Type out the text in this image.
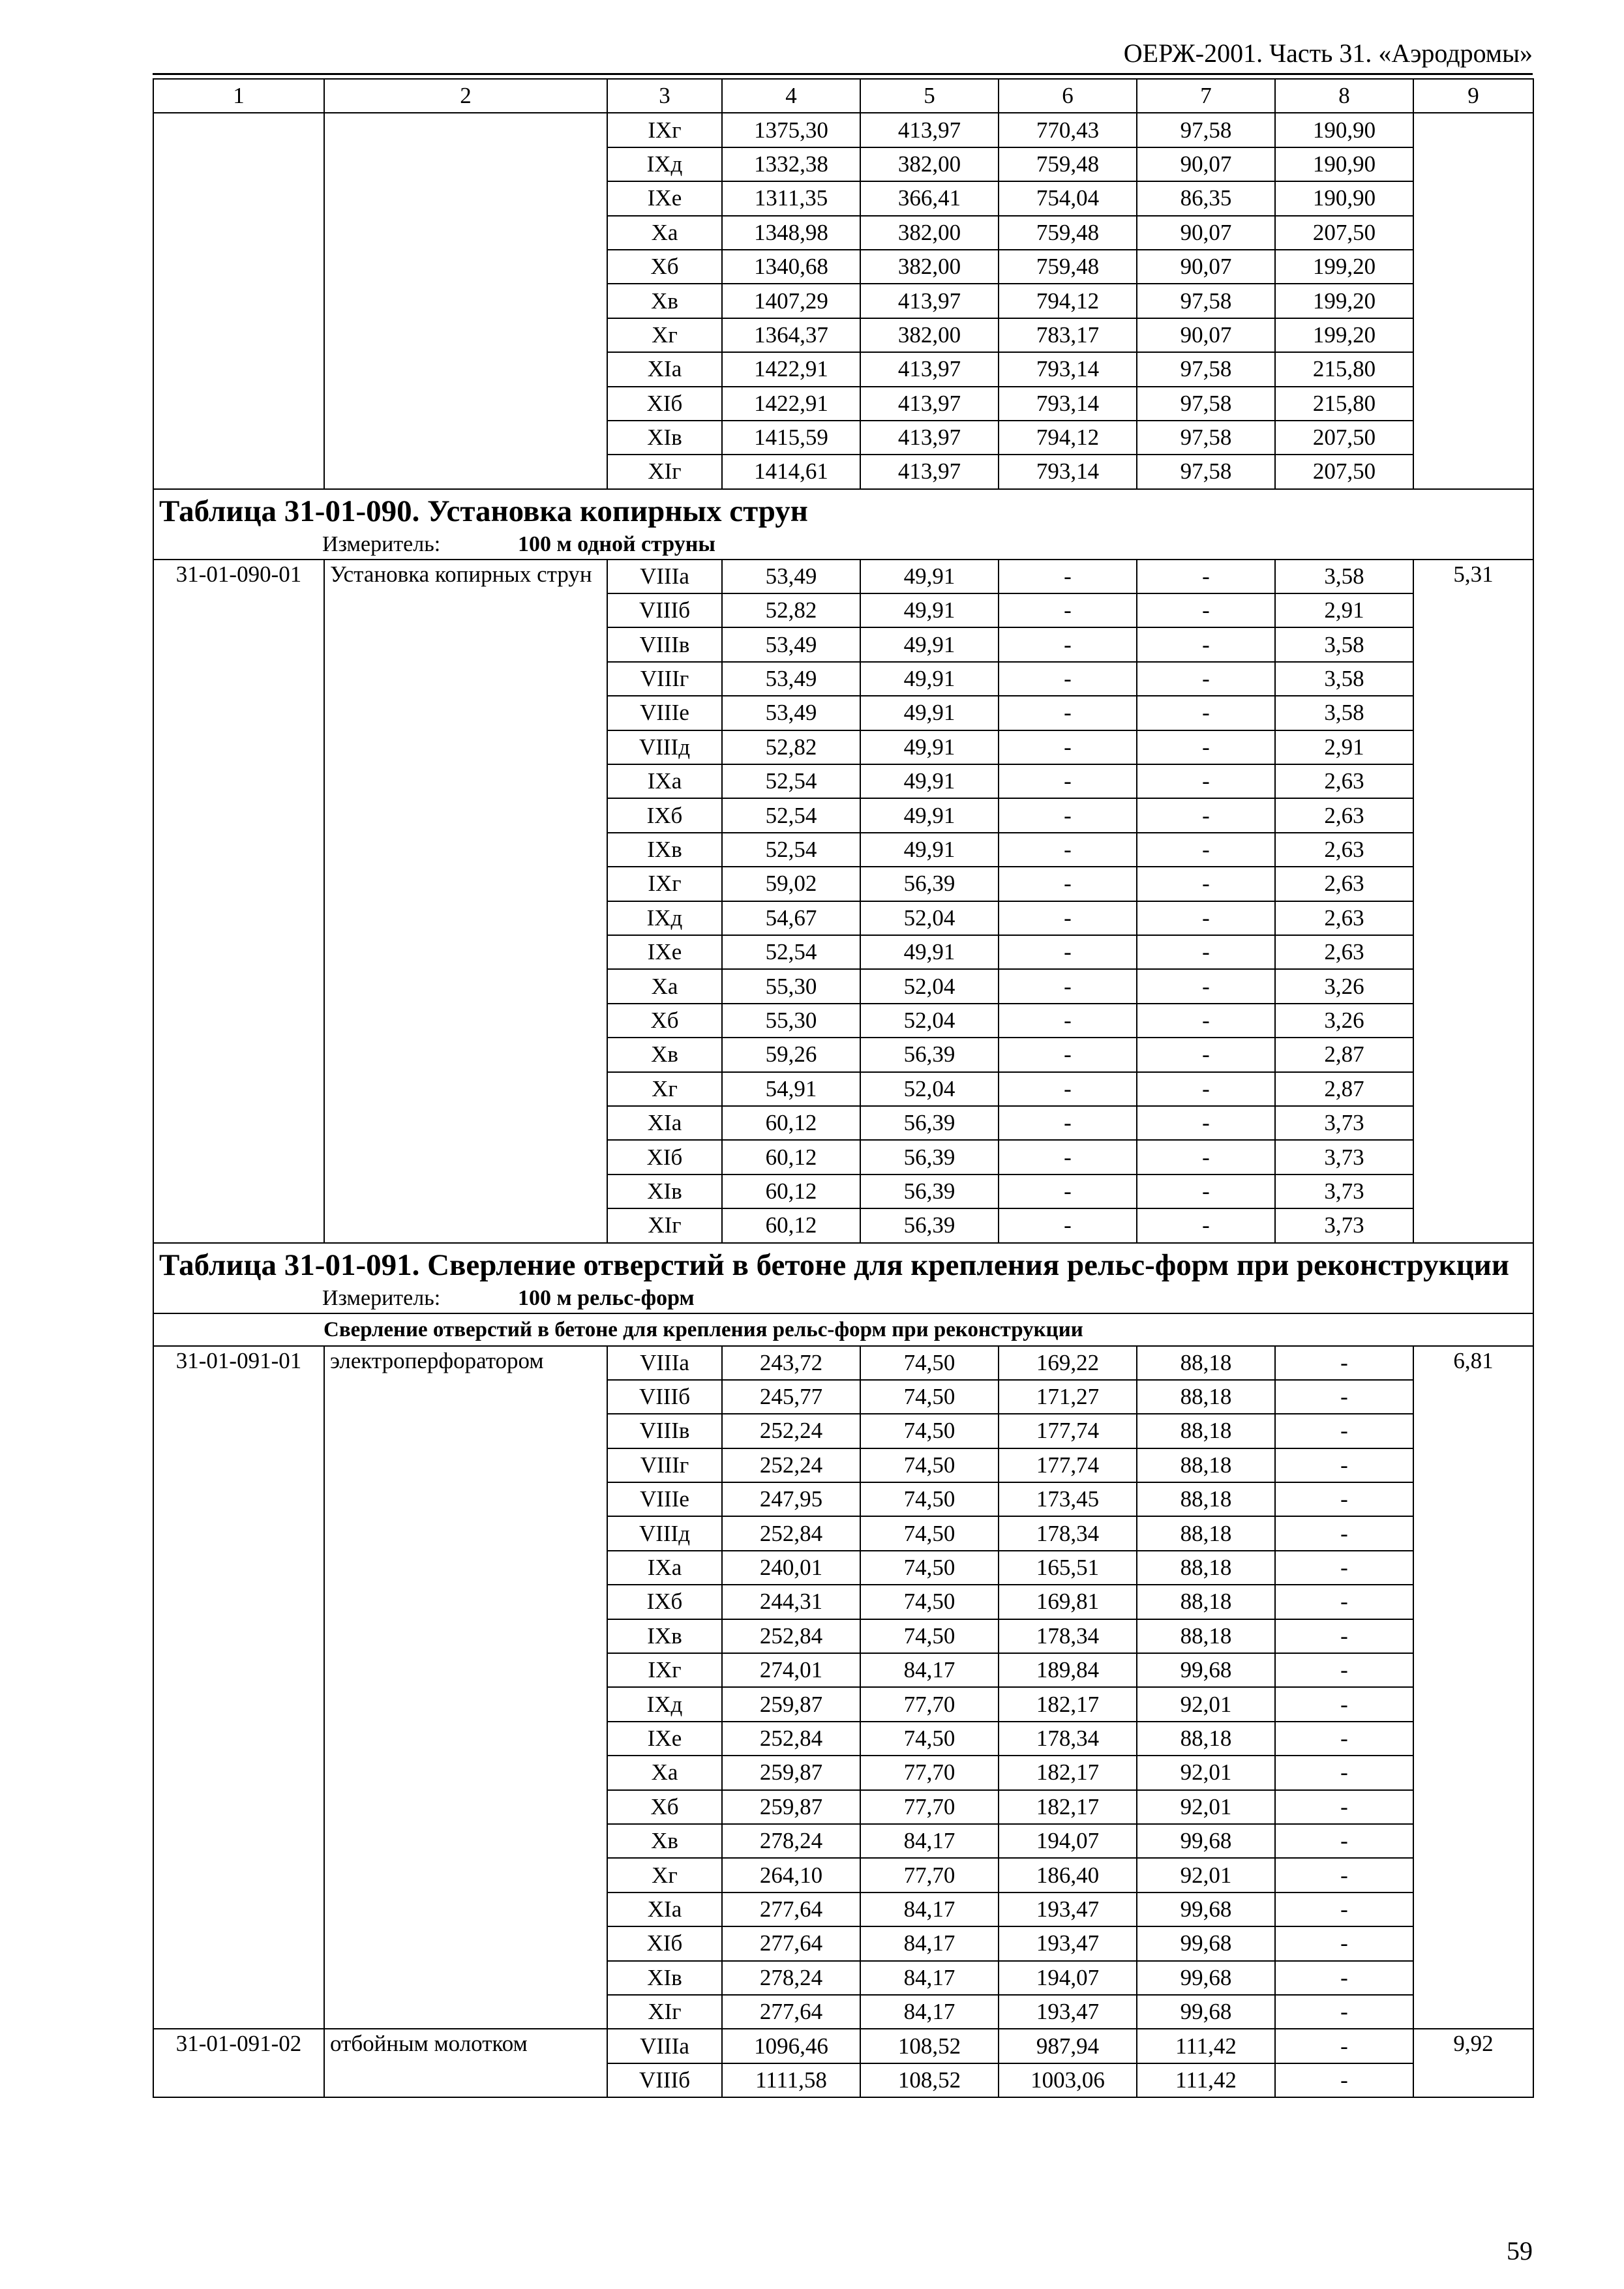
ОЕРЖ-2001. Часть 31. «Аэродромы»
1	2	3	4	5	6	7	8	9
		IXг	1375,30	413,97	770,43	97,58	190,90	
		IXд	1332,38	382,00	759,48	90,07	190,90	
		IXе	1311,35	366,41	754,04	86,35	190,90	
		Xа	1348,98	382,00	759,48	90,07	207,50	
		Xб	1340,68	382,00	759,48	90,07	199,20	
		Xв	1407,29	413,97	794,12	97,58	199,20	
		Xг	1364,37	382,00	783,17	90,07	199,20	
		XIа	1422,91	413,97	793,14	97,58	215,80	
		XIб	1422,91	413,97	793,14	97,58	215,80	
		XIв	1415,59	413,97	794,12	97,58	207,50	
		XIг	1414,61	413,97	793,14	97,58	207,50	

Таблица 31-01-090. Установка копирных струн
Измеритель: 100 м одной струны								

31-01-090-01	Установка копирных струн	VIIIа	53,49	49,91	-	-	3,58	5,31
		VIIIб	52,82	49,91	-	-	2,91	
		VIIIв	53,49	49,91	-	-	3,58	
		VIIIг	53,49	49,91	-	-	3,58	
		VIIIе	53,49	49,91	-	-	3,58	
		VIIIд	52,82	49,91	-	-	2,91	
		IXа	52,54	49,91	-	-	2,63	
		IXб	52,54	49,91	-	-	2,63	
		IXв	52,54	49,91	-	-	2,63	
		IXг	59,02	56,39	-	-	2,63	
		IXд	54,67	52,04	-	-	2,63	
		IXе	52,54	49,91	-	-	2,63	
		Xа	55,30	52,04	-	-	3,26	
		Xб	55,30	52,04	-	-	3,26	
		Xв	59,26	56,39	-	-	2,87	
		Xг	54,91	52,04	-	-	2,87	
		XIа	60,12	56,39	-	-	3,73	
		XIб	60,12	56,39	-	-	3,73	
		XIв	60,12	56,39	-	-	3,73	
		XIг	60,12	56,39	-	-	3,73	

Таблица 31-01-091. Сверление отверстий в бетоне для крепления рельс-форм при реконструкции
Измеритель: 100 м рельс-форм								

Сверление отверстий в бетоне для крепления рельс-форм при реконструкции								
31-01-091-01	электроперфоратором	VIIIа	243,72	74,50	169,22	88,18	-	6,81
		VIIIб	245,77	74,50	171,27	88,18	-	
		VIIIв	252,24	74,50	177,74	88,18	-	
		VIIIг	252,24	74,50	177,74	88,18	-	
		VIIIе	247,95	74,50	173,45	88,18	-	
		VIIIд	252,84	74,50	178,34	88,18	-	
		IXа	240,01	74,50	165,51	88,18	-	
		IXб	244,31	74,50	169,81	88,18	-	
		IXв	252,84	74,50	178,34	88,18	-	
		IXг	274,01	84,17	189,84	99,68	-	
		IXд	259,87	77,70	182,17	92,01	-	
		IXе	252,84	74,50	178,34	88,18	-	
		Xа	259,87	77,70	182,17	92,01	-	
		Xб	259,87	77,70	182,17	92,01	-	
		Xв	278,24	84,17	194,07	99,68	-	
		Xг	264,10	77,70	186,40	92,01	-	
		XIа	277,64	84,17	193,47	99,68	-	
		XIб	277,64	84,17	193,47	99,68	-	
		XIв	278,24	84,17	194,07	99,68	-	
		XIг	277,64	84,17	193,47	99,68	-	
31-01-091-02	отбойным молотком	VIIIа	1096,46	108,52	987,94	111,42	-	9,92
		VIIIб	1111,58	108,52	1003,06	111,42	-	
59
